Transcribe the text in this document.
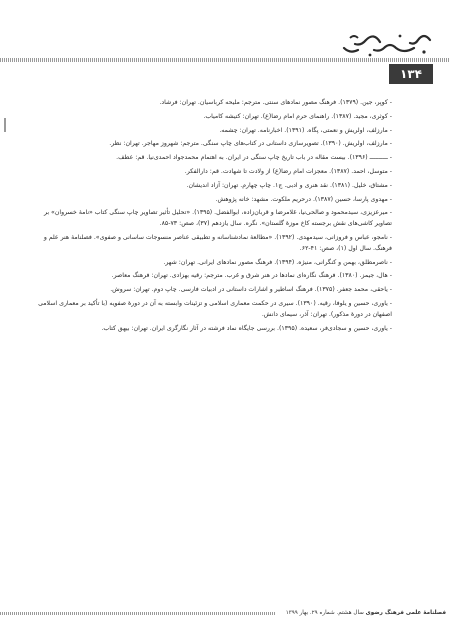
۱۳۴

- کوپر، جین. (۱۳۷۹). فرهنگ مصور نمادهای سنتی. مترجم: ملیحه کرباسیان. تهران: فرشاد.

- کوثری، مجید. (۱۳۸۷). راهنمای حرم امام رضا(ع). تهران: کتیشه کامیاب.

- مارزلف، اولریش و نعمتی، پگاه. (۱۳۹۱). اخبارنامه. تهران: چشمه.

- مارزلف، اولریش. (۱۳۹۰). تصویرسازی داستانی در کتاب‌های چاپ سنگی. مترجم: شهروز مهاجر. تهران: نظر.

- ــــــــــ (۱۳۹۶). بیست مقاله در باب تاریخ چاپ سنگی در ایران. به اهتمام محمدجواد احمدی‌نیا. قم: عطف.

- متوسل، احمد. (۱۳۸۷). معجزات امام رضا(ع) از ولادت تا شهادت. قم: دارالفکر.

- مشتاق، خلیل. (۱۳۸۱). نقد هنری و ادبی. ج۱. چاپ چهارم. تهران: آزاد اندیشان.

- مهدوی پارسا، حسین (۱۳۸۷). درحریم ملکوت. مشهد: خانه پژوهش.

- میرعزیزی، سیدمحمود و صالحی‌نیا، غلامرضا و قربان‌زاده، ابوالفضل. (۱۳۹۵). «تحلیل تأثیر تصاویر چاپ سنگی کتاب «نامهٔ خسروان» بر تصاویر کاشی‌های نقش برجسته کاخ موزهٔ گلستان». نگره. سال یازدهم (۳۷)، صص: ۷۳-۸۵.

- نامجو، عباس و فروزانی، سیدمهدی. (۱۳۹۲). «مطالعهٔ نمادشناسانه و تطبیقی عناصر منسوجات ساسانی و صفوی». فصلنامهٔ هنر علم و فرهنگ. سال اول (۱)، صص: ۴۱-۶۲.

- ناصرمطلق، بهمن و کنگرانی، منیژه. (۱۳۹۴). فرهنگ مصور نمادهای ایرانی. تهران: شهر.

- هال، جیمز. (۱۳۸۰). فرهنگ نگاره‌ای نمادها در هنر شرق و غرب. مترجم: رقیه بهزادی. تهران: فرهنگ معاصر.

- یاحقی، محمد جعفر. (۱۳۷۵). فرهنگ اساطیر و اشارات داستانی در ادبیات فارسی. چاپ دوم. تهران: سروش.

- یاوری، حسین و یلوفا، رقیه. (۱۳۹۰). سیری در حکمت معماری اسلامی و تزئینات وابسته به آن در دورهٔ صفویه (با تأکید بر معماری اسلامی اصفهان در دورهٔ مذکور). تهران: آذر، سیمای دانش.

- یاوری، حسین و سجادی‌فر، سعیده. (۱۳۹۵). بررسی جایگاه نماد فرشته در آثار نگارگری ایران. تهران: بیهق کتاب.

فصلنامهٔ علمی فرهنگ رضوی سال هشتم. شماره ۲۹. بهار ۱۳۹۹
